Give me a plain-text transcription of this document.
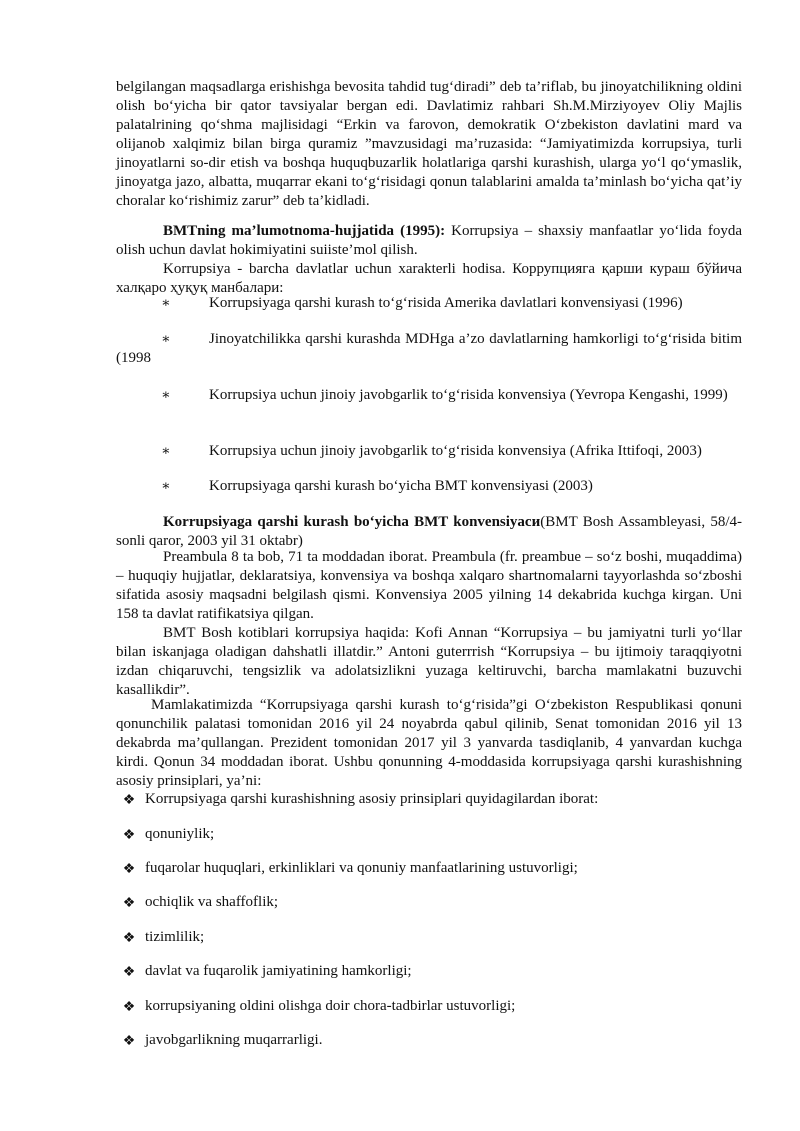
belgilangan maqsadlarga erishishga bevosita tahdid tug‘diradi” deb ta’riflab, bu jinoyatchilikning oldini olish bo‘yicha bir qator tavsiyalar bergan edi. Davlatimiz rahbari Sh.M.Mirziyoyev Oliy Majlis palatalrining qo‘shma majlisidagi “Erkin va farovon, demokratik O‘zbekiston davlatini mard va olijanob xalqimiz bilan birga quramiz ”mavzusidagi ma’ruzasida: “Jamiyatimizda korrupsiya, turli jinoyatlarni so-dir etish va boshqa huquqbuzarlik holatlariga qarshi kurashish, ularga yo‘l qo‘ymaslik, jinoyatga jazo, albatta, muqarrar ekani to‘g‘risidagi qonun talablarini amalda ta’minlash bo‘yicha qat’iy choralar ko‘rishimiz zarur” deb ta’kidladi.

BMTning ma’lumotnoma-hujjatida (1995): Korrupsiya – shaxsiy manfaatlar yo‘lida foyda olish uchun davlat hokimiyatini suiiste’mol qilish.

Korrupsiya - barcha davlatlar uchun xarakterli hodisa. Коррупцияга қарши кураш бўйича халқаро ҳуқуқ манбалари:

∗	Korrupsiyaga qarshi kurash to‘g‘risida Amerika davlatlari konvensiyasi (1996)
∗	Jinoyatchilikka qarshi kurashda MDHga a’zo davlatlarning hamkorligi to‘g‘risida bitim (1998
∗	Korrupsiya uchun jinoiy javobgarlik to‘g‘risida konvensiya (Yevropa Kengashi, 1999)
∗	Korrupsiya uchun jinoiy javobgarlik to‘g‘risida konvensiya (Afrika Ittifoqi, 2003)
∗	Korrupsiyaga qarshi kurash bo‘yicha BMT konvensiyasi (2003)

Korrupsiyaga qarshi kurash bo‘yicha BMT konvensiyaси(BMT Bosh Assambleyasi, 58/4-sonli qaror, 2003 yil 31 oktabr)

Preambula 8 ta bob, 71 ta moddadan iborat. Preambula (fr. preambue – so‘z boshi, muqaddima) – huquqiy hujjatlar, deklaratsiya, konvensiya va boshqa xalqaro shartnomalarni tayyorlashda so‘zboshi sifatida asosiy maqsadni belgilash qismi. Konvensiya 2005 yilning 14 dekabrida kuchga kirgan. Uni 158 ta davlat ratifikatsiya qilgan.

BMT Bosh kotiblari korrupsiya haqida: Kofi Annan “Korrupsiya – bu jamiyatni turli yo‘llar bilan iskanjaga oladigan dahshatli illatdir.” Antoni guterrrish “Korrupsiya – bu ijtimoiy taraqqiyotni izdan chiqaruvchi, tengsizlik va adolatsizlikni yuzaga keltiruvchi, barcha mamlakatni buzuvchi kasallikdir”.

Mamlakatimizda “Korrupsiyaga qarshi kurash to‘g‘risida”gi O‘zbekiston Respublikasi qonuni qonunchilik palatasi tomonidan 2016 yil 24 noyabrda qabul qilinib, Senat tomonidan 2016 yil 13 dekabrda ma’qullangan. Prezident tomonidan 2017 yil 3 yanvarda tasdiqlanib, 4 yanvardan kuchga kirdi. Qonun 34 moddadan iborat. Ushbu qonunning 4-moddasida korrupsiyaga qarshi kurashishning asosiy prinsiplari, ya’ni:

❖ Korrupsiyaga qarshi kurashishning asosiy prinsiplari quyidagilardan iborat:
❖ qonuniylik;
❖ fuqarolar huquqlari, erkinliklari va qonuniy manfaatlarining ustuvorligi;
❖ ochiqlik va shaffoflik;
❖ tizimlilik;
❖ davlat va fuqarolik jamiyatining hamkorligi;
❖ korrupsiyaning oldini olishga doir chora-tadbirlar ustuvorligi;
❖ javobgarlikning muqarrarligi.
